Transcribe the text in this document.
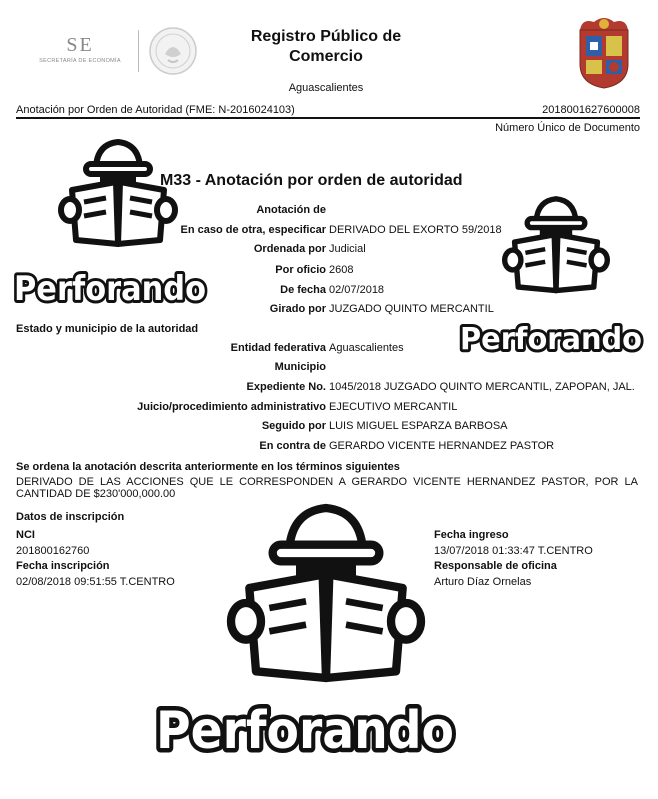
SE
SECRETARÍA DE ECONOMÍA
Registro Público de
Comercio
Aguascalientes
Anotación por Orden de Autoridad (FME: N-2016024103)	2018001627600008
Número Único de Documento
M33 - Anotación por orden de autoridad
Anotación de
En caso de otra, especificar DERIVADO DEL EXORTO 59/2018
Ordenada por Judicial
Por oficio 2608
De fecha 02/07/2018
Girado por JUZGADO QUINTO MERCANTIL
Estado y municipio de la autoridad
Entidad federativa Aguascalientes
Municipio
Expediente No. 1045/2018 JUZGADO QUINTO MERCANTIL, ZAPOPAN, JAL.
Juicio/procedimiento administrativo EJECUTIVO MERCANTIL
Seguido por LUIS MIGUEL ESPARZA BARBOSA
En contra de GERARDO VICENTE HERNANDEZ PASTOR
Se ordena la anotación descrita anteriormente en los términos siguientes
DERIVADO DE LAS ACCIONES QUE LE CORRESPONDEN A GERARDO VICENTE HERNANDEZ PASTOR, POR LA CANTIDAD DE $230'000,000.00
Datos de inscripción
NCI
201800162760
Fecha inscripción
02/08/2018 09:51:55 T.CENTRO
Fecha ingreso
13/07/2018 01:33:47 T.CENTRO
Responsable de oficina
Arturo Díaz Ornelas
Perforando
Perforando
Perforando
